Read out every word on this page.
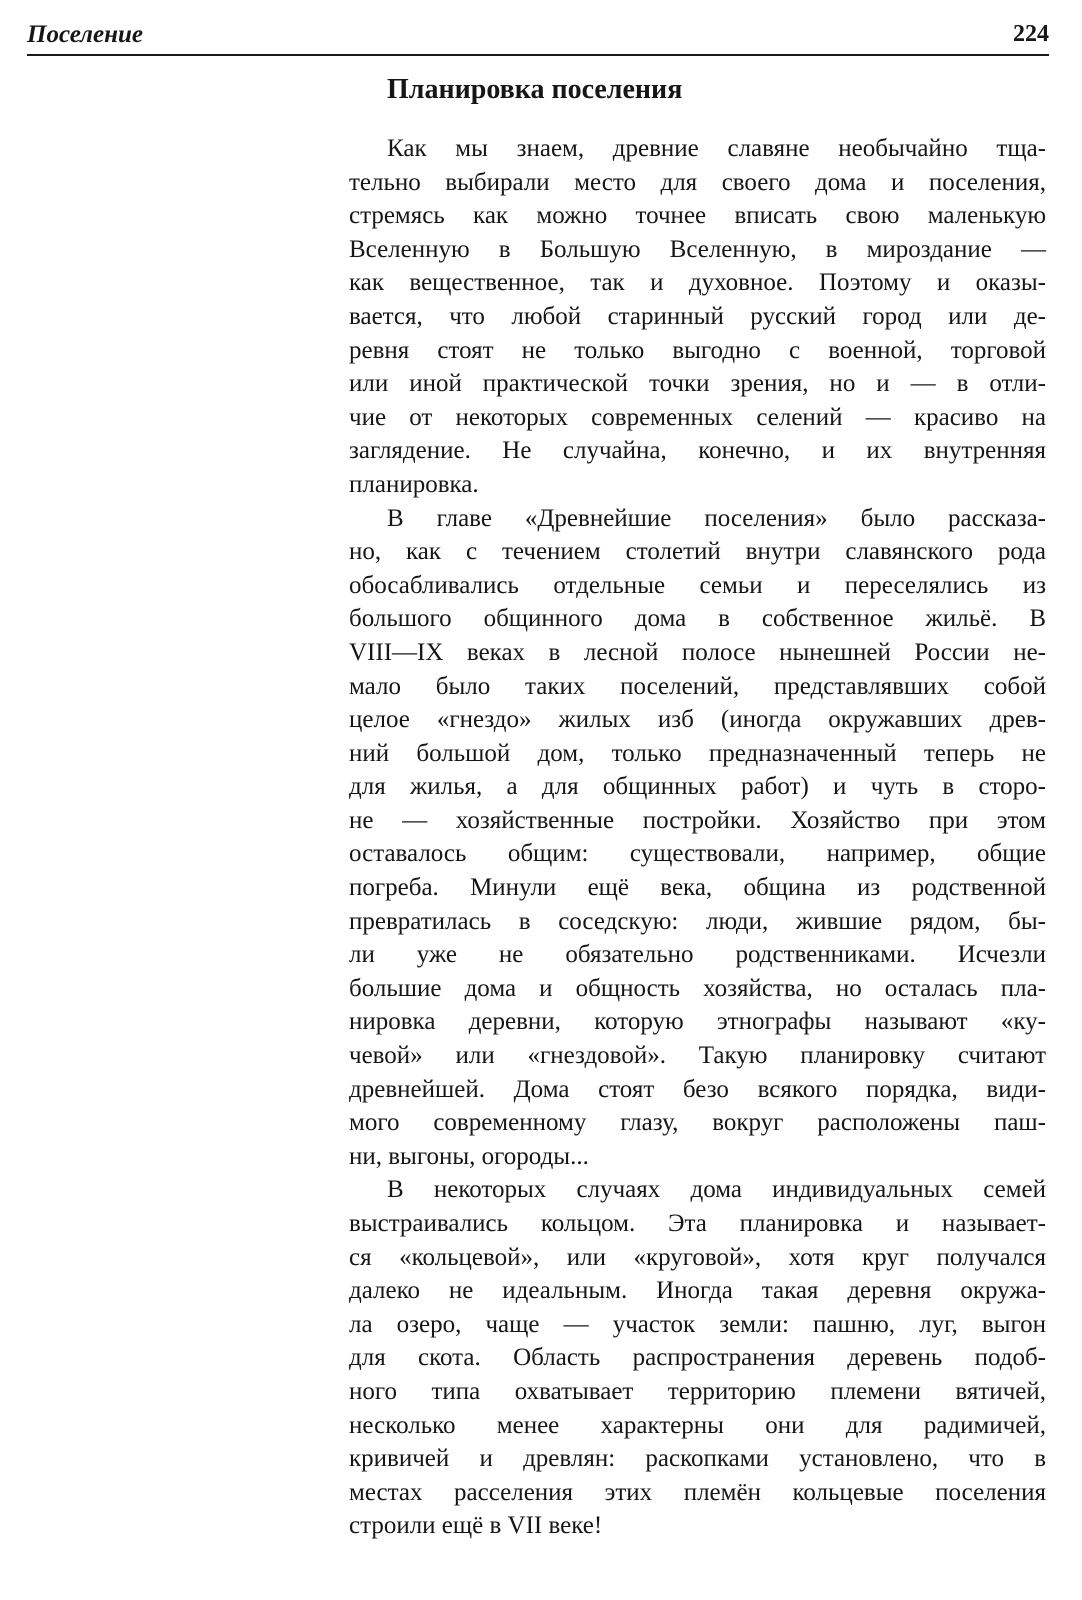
Поселение	224
Планировка поселения

Как мы знаем, древние славяне необычайно тща-
тельно выбирали место для своего дома и поселения,
стремясь как можно точнее вписать свою маленькую
Вселенную в Большую Вселенную, в мироздание —
как вещественное, так и духовное. Поэтому и оказы-
вается, что любой старинный русский город или де-
ревня стоят не только выгодно с военной, торговой
или иной практической точки зрения, но и — в отли-
чие от некоторых современных селений — красиво на
заглядение. Не случайна, конечно, и их внутренняя
планировка.

В главе «Древнейшие поселения» было рассказа-
но, как с течением столетий внутри славянского рода
обосабливались отдельные семьи и переселялись из
большого общинного дома в собственное жильё. В
VIII—IX веках в лесной полосе нынешней России не-
мало было таких поселений, представлявших собой
целое «гнездо» жилых изб (иногда окружавших древ-
ний большой дом, только предназначенный теперь не
для жилья, а для общинных работ) и чуть в сторо-
не — хозяйственные постройки. Хозяйство при этом
оставалось общим: существовали, например, общие
погреба. Минули ещё века, община из родственной
превратилась в соседскую: люди, жившие рядом, бы-
ли уже не обязательно родственниками. Исчезли
большие дома и общность хозяйства, но осталась пла-
нировка деревни, которую этнографы называют «ку-
чевой» или «гнездовой». Такую планировку считают
древнейшей. Дома стоят безо всякого порядка, види-
мого современному глазу, вокруг расположены паш-
ни, выгоны, огороды...

В некоторых случаях дома индивидуальных семей
выстраивались кольцом. Эта планировка и называет-
ся «кольцевой», или «круговой», хотя круг получался
далеко не идеальным. Иногда такая деревня окружа-
ла озеро, чаще — участок земли: пашню, луг, выгон
для скота. Область распространения деревень подоб-
ного типа охватывает территорию племени вятичей,
несколько менее характерны они для радимичей,
кривичей и древлян: раскопками установлено, что в
местах расселения этих племён кольцевые поселения
строили ещё в VII веке!
